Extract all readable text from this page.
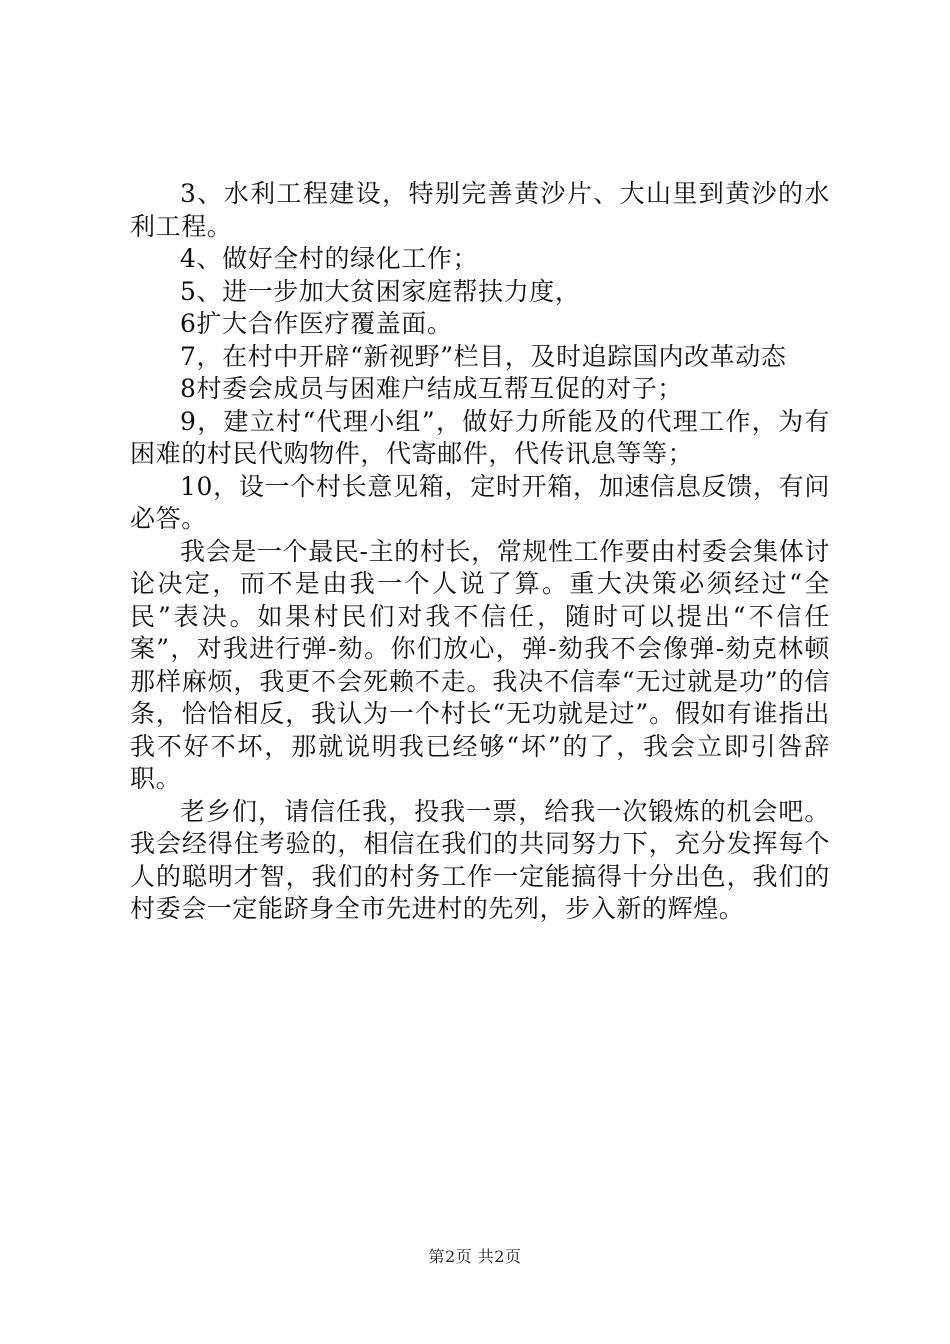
3、水利工程建设，特别完善黄沙片、大山里到黄沙的水利工程。

4、做好全村的绿化工作；

5、进一步加大贫困家庭帮扶力度，

6扩大合作医疗覆盖面。

7，在村中开辟“新视野”栏目，及时追踪国内改革动态

8村委会成员与困难户结成互帮互促的对子；

9，建立村“代理小组”，做好力所能及的代理工作，为有困难的村民代购物件，代寄邮件，代传讯息等等；

10，设一个村长意见箱，定时开箱，加速信息反馈，有问必答。

我会是一个最民-主的村长，常规性工作要由村委会集体讨论决定，而不是由我一个人说了算。重大决策必须经过“全民”表决。如果村民们对我不信任，随时可以提出“不信任案”，对我进行弹-劾。你们放心，弹-劾我不会像弹-劾克林顿那样麻烦，我更不会死赖不走。我决不信奉“无过就是功”的信条，恰恰相反，我认为一个村长“无功就是过”。假如有谁指出我不好不坏，那就说明我已经够“坏”的了，我会立即引咎辞职。

老乡们，请信任我，投我一票，给我一次锻炼的机会吧。我会经得住考验的，相信在我们的共同努力下，充分发挥每个人的聪明才智，我们的村务工作一定能搞得十分出色，我们的村委会一定能跻身全市先进村的先列，步入新的辉煌。

第2页 共2页
